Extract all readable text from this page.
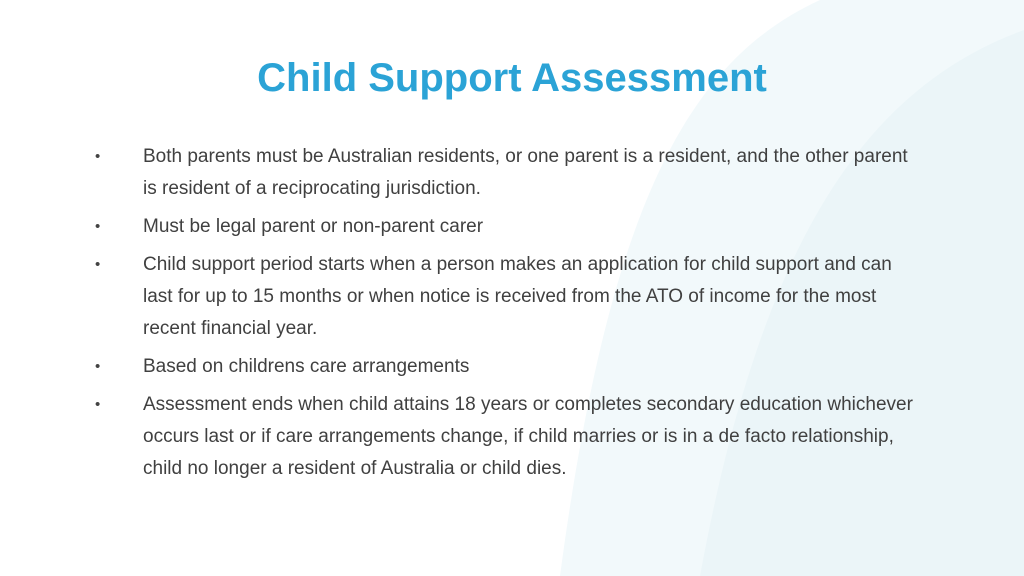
Child Support Assessment
• Both parents must be Australian residents, or one parent is a resident, and the other parent is resident of a reciprocating jurisdiction.
• Must be legal parent or non-parent carer
• Child support period starts when a person makes an application for child support and can last for up to 15 months or when notice is received from the ATO of income for the most recent financial year.
• Based on childrens care arrangements
• Assessment ends when child attains 18 years or completes secondary education whichever occurs last or if care arrangements change, if child marries or is in a de facto relationship, child no longer a resident of Australia or child dies.
